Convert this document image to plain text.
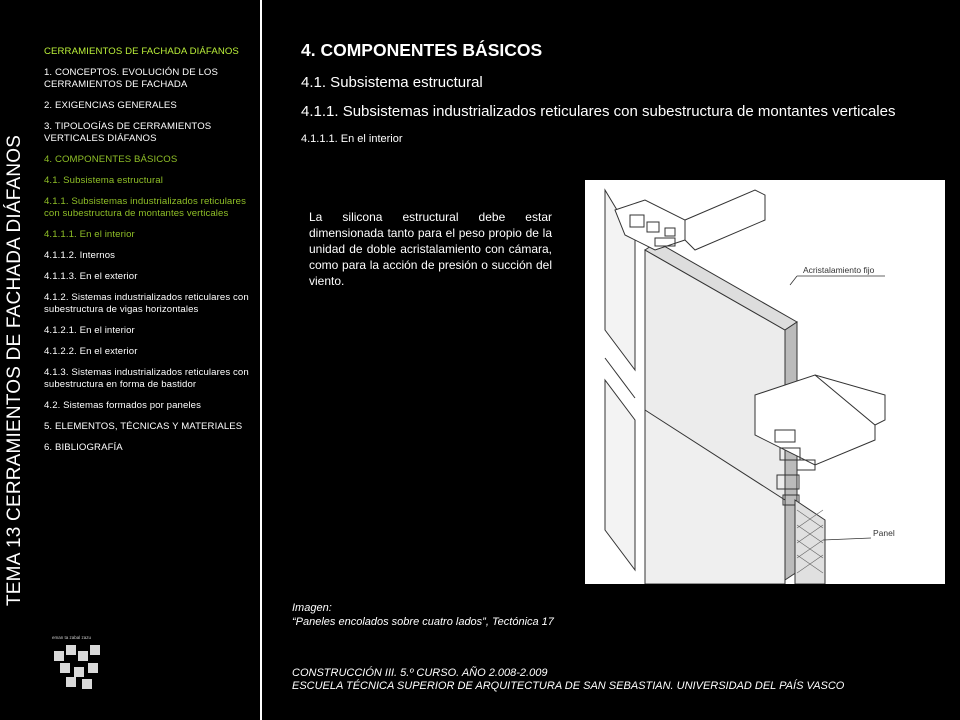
TEMA 13 CERRAMIENTOS DE FACHADA DIÁFANOS
CERRAMIENTOS DE FACHADA DIÁFANOS
1. CONCEPTOS. EVOLUCIÓN DE LOS CERRAMIENTOS DE FACHADA
2. EXIGENCIAS GENERALES
3. TIPOLOGÍAS DE CERRAMIENTOS VERTICALES DIÁFANOS
4. COMPONENTES BÁSICOS
4.1. Subsistema estructural
4.1.1. Subsistemas industrializados reticulares con subestructura de montantes verticales
4.1.1.1. En el interior
4.1.1.2. Internos
4.1.1.3. En el exterior
4.1.2. Sistemas industrializados reticulares con subestructura de vigas horizontales
4.1.2.1. En el interior
4.1.2.2. En el exterior
4.1.3. Sistemas industrializados reticulares con subestructura en forma de bastidor
4.2. Sistemas formados por paneles
5. ELEMENTOS, TÉCNICAS Y MATERIALES
6. BIBLIOGRAFÍA
eman ta zabal zazu
4. COMPONENTES BÁSICOS
4.1. Subsistema estructural
4.1.1. Subsistemas industrializados reticulares con subestructura de montantes verticales
4.1.1.1. En el interior
La silicona estructural debe estar dimensionada tanto para el peso propio de la unidad de doble acristalamiento con cámara, como para la acción de presión o succión del viento.
Acristalamiento fijo
Panel
Imagen:
“Paneles encolados sobre cuatro lados”, Tectónica 17
CONSTRUCCIÓN III. 5.º CURSO. AÑO 2.008-2.009
ESCUELA TÉCNICA SUPERIOR DE ARQUITECTURA DE SAN SEBASTIAN. UNIVERSIDAD DEL PAÍS VASCO
